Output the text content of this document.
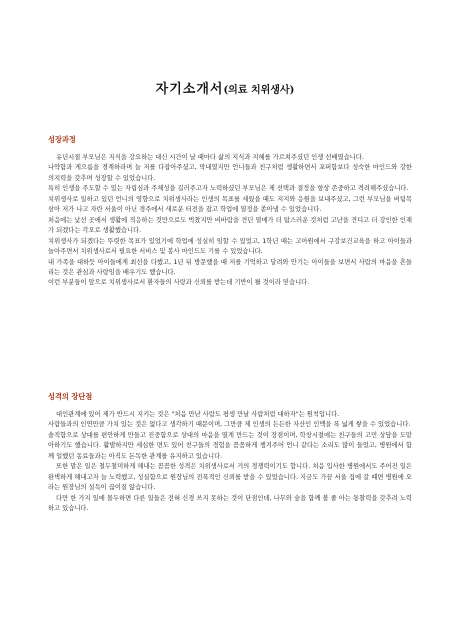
자기소개서(의료 치위생사)
성장과정

유년시절 부모님은 지식을 강요하는 대신 시간이 날 때마다 삶의 지식과 지혜를 가르쳐주셨던 인생 선배였습니다.

나약함과 게으름을 경계하라며 늘 저를 다잡아주셨고, 막내였지만 언니들과 친구처럼 생활하면서 포퍼함보다 성숙한 마인드와 강한 의지력을 갖추며 성장할 수 있었습니다.

특히 인생을 주도할 수 있는 자립심과 주체성을 길러주고자 노력하셨던 부모님은 제 선택과 결정을 항상 존중하고 격려해주셨습니다.

치위생사로 일하고 있던 언니의 영향으로 치위생사라는 인생의 목표를 세웠을 때도 지지와 응원을 보내주셨고, 그런 부모님을 버팀목 삼아 저가 나고 자란 서울이 아닌 경주에서 새로운 터전을 잡고 학업에 열정을 쏟아낼 수 있었습니다.

처음에는 낯선 곳에서 생활에 적응하는 것만으로도 벅찼지만 비바람을 견딘 열매가 더 탐스러운 것처럼 고난을 견디고 더 강인한 인재가 되겠다는 각오로 생활했습니다.

치위생사가 되겠다는 뚜렷한 목표가 있었기에 학업에 성실히 임할 수 있었고, 1학년 때는 고아원에서 구강보건교육을 하고 아이들과 놀아주면서 치위생사로서 필요한 서비스 및 봉사 마인드도 기를 수 있었습니다.

내 가족을 대하듯 아이들에게 최선을 다했고, 1년 뒤 방문했을 때 저를 기억하고 달려와 안기는 아이들을 보면서 사람의 마음을 흔들리는 것은 관심과 사랑임을 배우기도 했습니다.

이런 부분들이 앞으로 치위생사로서 환자들의 사랑과 신뢰를 받는데 기반이 될 것이라 믿습니다.

성격의 장단점

대인관계에 있어 제가 반드시 지키는 것은 "처음 만난 사람도 평생 만날 사람처럼 대하자"는 원칙입니다.

사람들과의 인연만큼 가치 있는 것은 없다고 생각하기 때문이며, 그만큼 제 인생의 든든한 자산인 인맥을 폭 넓게 쌓을 수 있었습니다.

솔직함으로 상대를 편안하게 만들고 진중함으로 상대의 마음을 열게 만드는 것이 장점이며, 학창시절에는 친구들의 고민 상담을 도맡아하기도 했습니다. 활발하지만 세심한 면도 있어 친구들의 경험을 꼼꼼하게 챙겨주어 언니 같다는 소리도 많이 들었고, 병원에서 함께 일했던 동료들과는 아직도 돈독한 관계를 유지하고 있습니다.

또한 맡은 일은 철두철미하게 해내는 꼼꼼한 성격은 치위생사로서 거의 경쟁력이기도 합니다. 처음 입사한 병원에서도 주어진 일은 완벽하게 해내고자 늘 노력했고, 성실함으로 원장님의 전폭적인 신뢰를 받을 수 있었습니다. 지금도 가끔 서울 집에 갈 때면 병원에 오라는 원장님의 설득이 끊이질 않습니다.

다만 한 가지 일에 몰두하면 다른 일들은 전혀 신경 쓰지 못하는 것이 단점인데, 나무와 숲을 함께 볼 줄 아는 통찰력을 갖추려 노력하고 있습니다.
